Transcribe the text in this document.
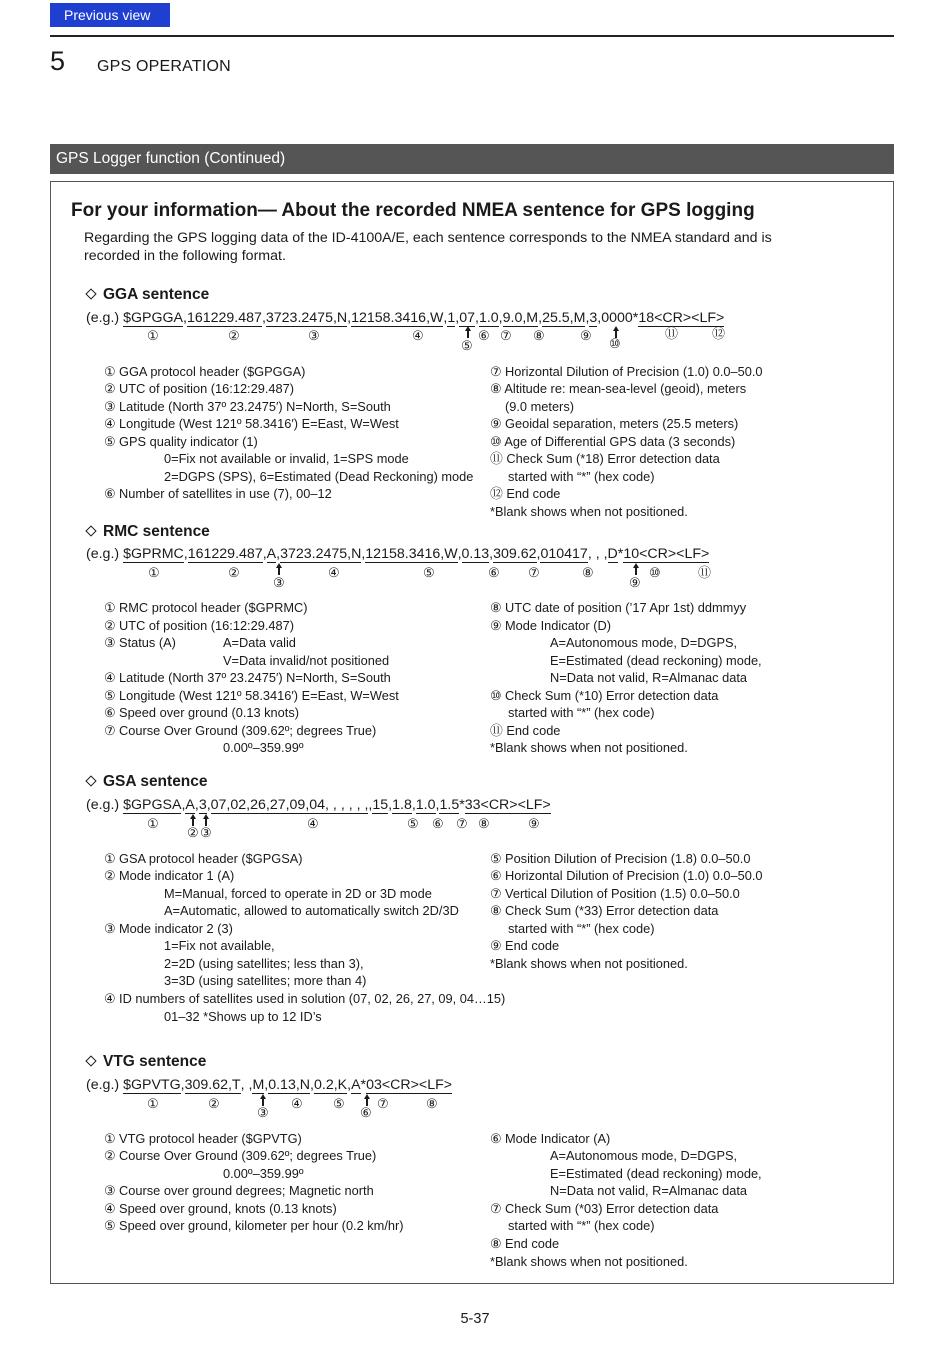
Previous view
5 GPS OPERATION
GPS Logger function (Continued)
For your information— About the recorded NMEA sentence for GPS logging
Regarding the GPS logging data of the ID-4100A/E, each sentence corresponds to the NMEA standard and is recorded in the following format.
GGA sentence
(e.g.) $GPGGA,161229.487,3723.2475,N,12158.3416,W,1,07,1.0,9.0,M,25.5,M,3,0000*18<CR><LF>
①	②	③	④
⑤
⑥ ⑦ ⑧	⑨
⑩
⑪	⑫
① GGA protocol header ($GPGGA)
② UTC of position (16:12:29.487)
③ Latitude (North 37º 23.2475′) N=North, S=South
④ Longitude (West 121º 58.3416′) E=East, W=West
⑤ GPS quality indicator (1)
0=Fix not available or invalid, 1=SPS mode
2=DGPS (SPS), 6=Estimated (Dead Reckoning) mode
⑥ Number of satellites in use (7), 00–12
⑦ Horizontal Dilution of Precision (1.0) 0.0–50.0
⑧ Altitude re: mean-sea-level (geoid), meters
(9.0 meters)
⑨ Geoidal separation, meters (25.5 meters)
⑩ Age of Differential GPS data (3 seconds)
⑪ Check Sum (*18) Error detection data
started with “*” (hex code)
⑫ End code
*Blank shows when not positioned.
RMC sentence
(e.g.) $GPRMC,161229.487,A,3723.2475,N,12158.3416,W,0.13,309.62,010417, , ,D*10<CR><LF>
①	②
③
④	⑤	⑥ ⑦	⑧
⑨
⑩	⑪
① RMC protocol header ($GPRMC)
② UTC of position (16:12:29.487)
③ Status (A)	A=Data valid
V=Data invalid/not positioned
④ Latitude (North 37º 23.2475′) N=North, S=South
⑤ Longitude (West 121º 58.3416′) E=East, W=West
⑥ Speed over ground (0.13 knots)
⑦ Course Over Ground (309.62º; degrees True)
0.00º–359.99º
⑧ UTC date of position (’17 Apr 1st) ddmmyy
⑨ Mode Indicator (D)
A=Autonomous mode, D=DGPS,
E=Estimated (dead reckoning) mode,
N=Data not valid, R=Almanac data
⑩ Check Sum (*10) Error detection data
started with “*” (hex code)
⑪ End code
*Blank shows when not positioned.
GSA sentence
(e.g.) $GPGSA,A,3,07,02,26,27,09,04, , , , , ,,15,1.8,1.0,1.5*33<CR><LF>
①
② ③
④	⑤ ⑥ ⑦ ⑧	⑨
① GSA protocol header ($GPGSA)
② Mode indicator 1 (A)
M=Manual, forced to operate in 2D or 3D mode
A=Automatic, allowed to automatically switch 2D/3D
③ Mode indicator 2 (3)
1=Fix not available,
2=2D (using satellites; less than 3),
3=3D (using satellites; more than 4)
④ ID numbers of satellites used in solution (07, 02, 26, 27, 09, 04…15)
01–32 *Shows up to 12 ID’s
⑤ Position Dilution of Precision (1.8) 0.0–50.0
⑥ Horizontal Dilution of Precision (1.0) 0.0–50.0
⑦ Vertical Dilution of Position (1.5) 0.0–50.0
⑧ Check Sum (*33) Error detection data
started with “*” (hex code)
⑨ End code
*Blank shows when not positioned.
VTG sentence
(e.g.) $GPVTG,309.62,T, ,M,0.13,N,0.2,K,A*03<CR><LF>
①	②
③
④ ⑤
⑥
⑦	⑧
① VTG protocol header ($GPVTG)
② Course Over Ground (309.62º; degrees True)
0.00º–359.99º
③ Course over ground degrees; Magnetic north
④ Speed over ground, knots (0.13 knots)
⑤ Speed over ground, kilometer per hour (0.2 km/hr)
⑥ Mode Indicator (A)
A=Autonomous mode, D=DGPS,
E=Estimated (dead reckoning) mode,
N=Data not valid, R=Almanac data
⑦ Check Sum (*03) Error detection data
started with “*” (hex code)
⑧ End code
*Blank shows when not positioned.
5-37
